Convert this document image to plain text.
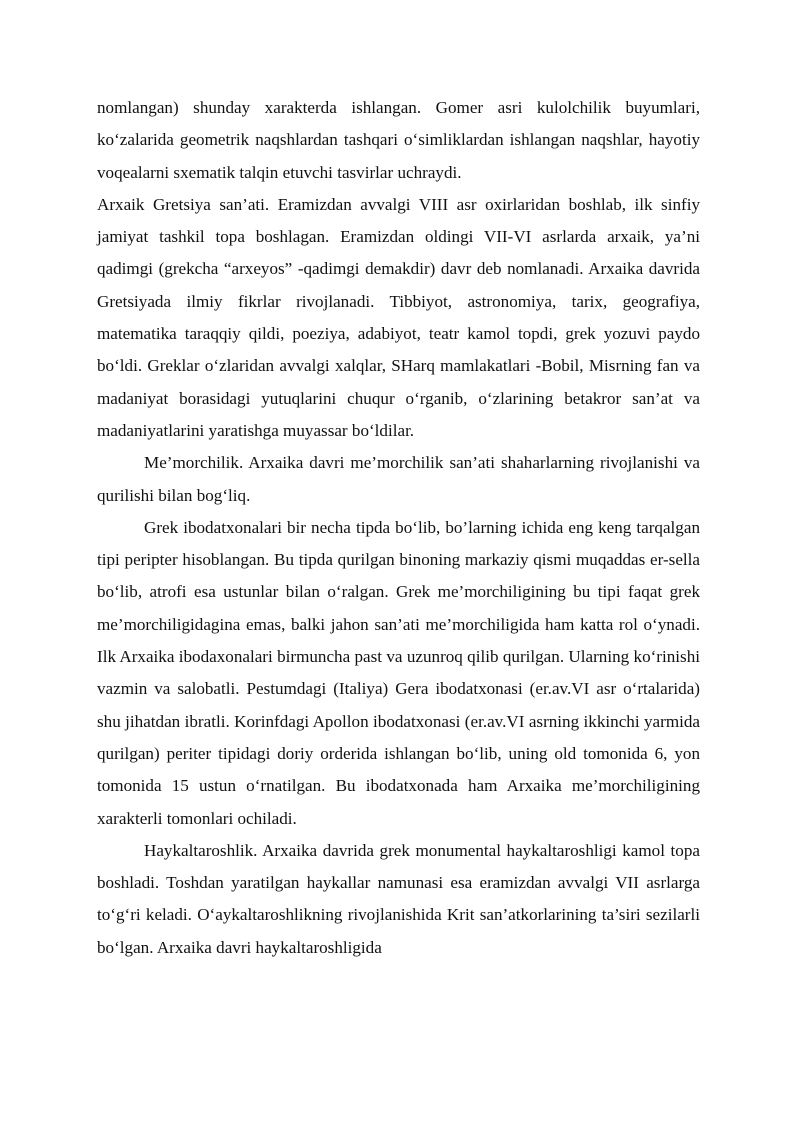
nomlangan) shunday xarakterda ishlangan. Gomer asri kulolchilik buyumlari, ko‘zalarida geometrik naqshlardan tashqari o‘simliklardan ishlangan naqshlar, hayotiy voqealarni sxematik talqin etuvchi tasvirlar uchraydi.

Arxaik Gretsiya san’ati. Eramizdan avvalgi VIII asr oxirlaridan boshlab, ilk sinfiy jamiyat tashkil topa boshlagan. Eramizdan oldingi VII-VI asrlarda arxaik, ya’ni qadimgi (grekcha “arxeyos” -qadimgi demakdir) davr deb nomlanadi. Arxaika davrida Gretsiyada ilmiy fikrlar rivojlanadi. Tibbiyot, astronomiya, tarix, geografiya, matematika taraqqiy qildi, poeziya, adabiyot, teatr kamol topdi, grek yozuvi paydo bo‘ldi. Greklar o‘zlaridan avvalgi xalqlar, SHarq mamlakatlari -Bobil, Misrning fan va madaniyat borasidagi yutuqlarini chuqur o‘rganib, o‘zlarining betakror san’at va madaniyatlarini yaratishga muyassar bo‘ldilar.

Me’morchilik. Arxaika davri me’morchilik san’ati shaharlarning rivojlanishi va qurilishi bilan bog‘liq.

Grek ibodatxonalari bir necha tipda bo‘lib, bo’larning ichida eng keng tarqalgan tipi peripter hisoblangan. Bu tipda qurilgan binoning markaziy qismi muqaddas er-sella bo‘lib, atrofi esa ustunlar bilan o‘ralgan. Grek me’morchiligining bu tipi faqat grek me’morchiligidagina emas, balki jahon san’ati me’morchiligida ham katta rol o‘ynadi. Ilk Arxaika ibodaxonalari birmuncha past va uzunroq qilib qurilgan. Ularning ko‘rinishi vazmin va salobatli. Pestumdagi (Italiya) Gera ibodatxonasi (er.av.VI asr o‘rtalarida) shu jihatdan ibratli. Korinfdagi Apollon ibodatxonasi (er.av.VI asrning ikkinchi yarmida qurilgan) periter tipidagi doriy orderida ishlangan bo‘lib, uning old tomonida 6, yon tomonida 15 ustun o‘rnatilgan. Bu ibodatxonada ham Arxaika me’morchiligining xarakterli tomonlari ochiladi.

Haykaltaroshlik. Arxaika davrida grek monumental haykaltaroshligi kamol topa boshladi. Toshdan yaratilgan haykallar namunasi esa eramizdan avvalgi VII asrlarga to‘g‘ri keladi. O‘aykaltaroshlikning rivojlanishida Krit san’atkorlarining ta’siri sezilarli bo‘lgan. Arxaika davri haykaltaroshligida
